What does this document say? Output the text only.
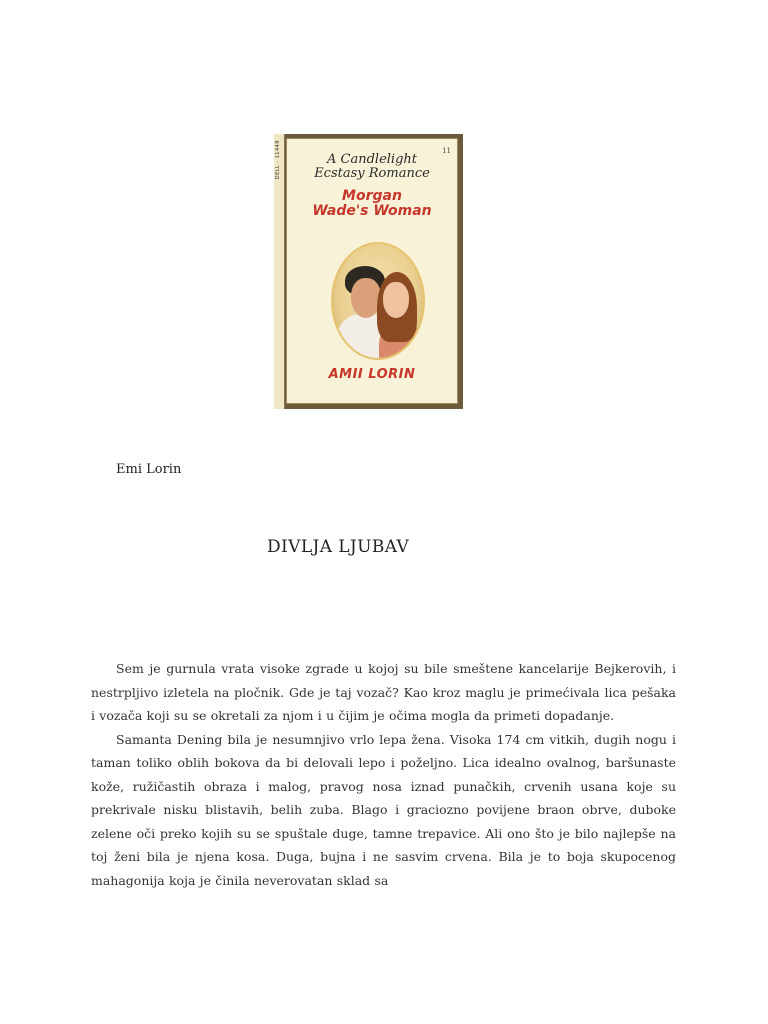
DELL · 11449	11
A Candlelight
Ecstasy Romance
Morgan
Wade's Woman
AMII LORIN
Emi Lorin
DIVLJA LJUBAV

Sem je gurnula vrata visoke zgrade u kojoj su bile smeštene kancelarije Bejkerovih, i nestrpljivo izletela na pločnik. Gde je taj vozač? Kao kroz maglu je primećivala lica pešaka i vozača koji su se okretali za njom i u čijim je očima mogla da primeti dopadanje.

Samanta Dening bila je nesumnjivo vrlo lepa žena. Visoka 174 cm vitkih, dugih nogu i taman toliko oblih bokova da bi delovali lepo i poželjno. Lica idealno ovalnog, baršunaste kože, ružičastih obraza i malog, pravog nosa iznad punačkih, crvenih usana koje su prekrivale nisku blistavih, belih zuba. Blago i graciozno povijene braon obrve, duboke zelene oči preko kojih su se spuštale duge, tamne trepavice. Ali ono što je bilo najlepše na toj ženi bila je njena kosa. Duga, bujna i ne sasvim crvena. Bila je to boja skupocenog mahagonija koja je činila neverovatan sklad sa
